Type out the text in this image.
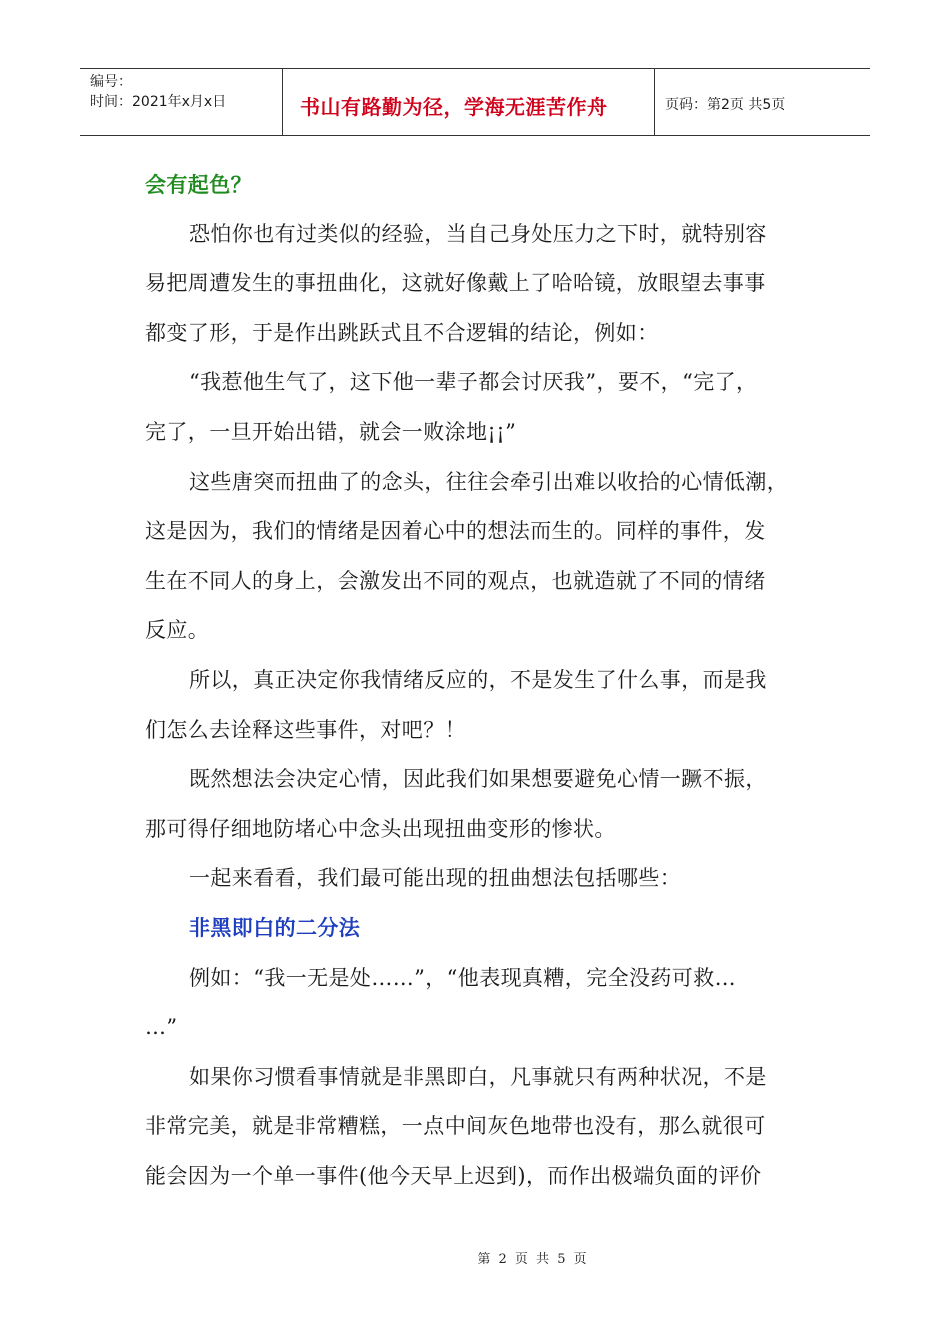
编号：
时间：2021年x月x日	书山有路勤为径，学海无涯苦作舟	页码：第2页 共5页
会有起色？
恐怕你也有过类似的经验，当自己身处压力之下时，就特别容
易把周遭发生的事扭曲化，这就好像戴上了哈哈镜，放眼望去事事
都变了形，于是作出跳跃式且不合逻辑的结论，例如：
“我惹他生气了，这下他一辈子都会讨厌我”，要不，“完了，
完了，一旦开始出错，就会一败涂地¡¡”
这些唐突而扭曲了的念头，往往会牵引出难以收拾的心情低潮，
这是因为，我们的情绪是因着心中的想法而生的。同样的事件，发
生在不同人的身上，会激发出不同的观点，也就造就了不同的情绪
反应。
所以，真正决定你我情绪反应的，不是发生了什么事，而是我
们怎么去诠释这些事件，对吧？！
既然想法会决定心情，因此我们如果想要避免心情一蹶不振，
那可得仔细地防堵心中念头出现扭曲变形的惨状。
一起来看看，我们最可能出现的扭曲想法包括哪些：
非黑即白的二分法
例如：“我一无是处……”，“他表现真糟，完全没药可救…
…”
如果你习惯看事情就是非黑即白，凡事就只有两种状况，不是
非常完美，就是非常糟糕，一点中间灰色地带也没有，那么就很可
能会因为一个单一事件(他今天早上迟到)，而作出极端负面的评价
第 2 页 共 5 页
